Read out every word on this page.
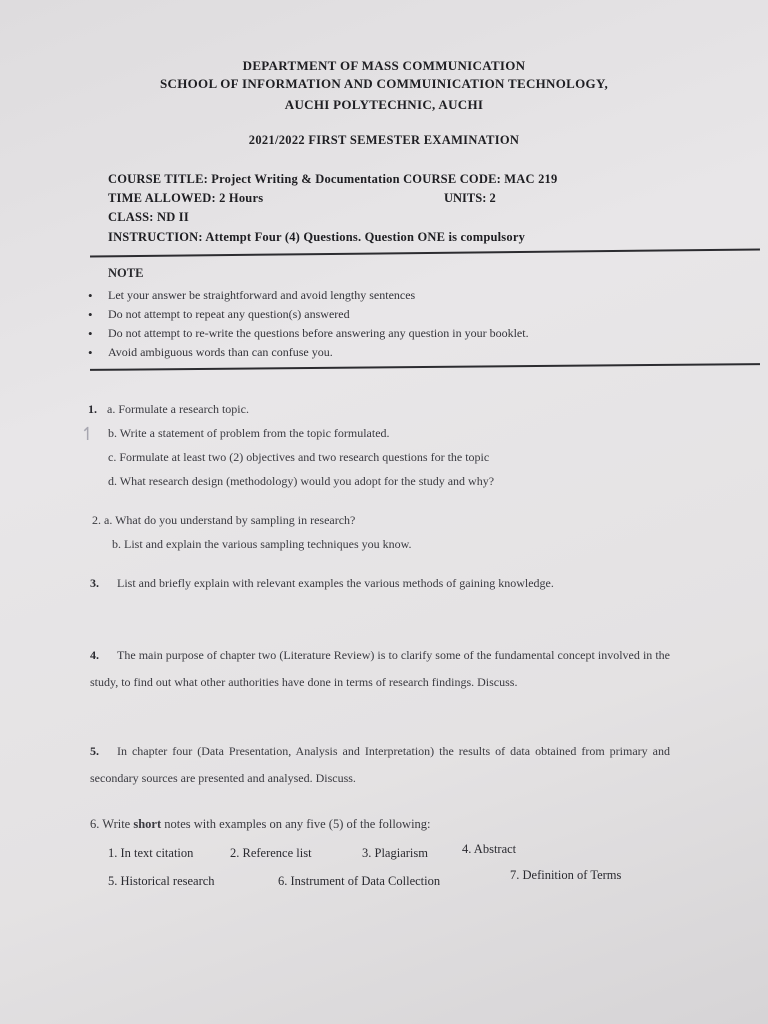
DEPARTMENT OF MASS COMMUNICATION
SCHOOL OF INFORMATION AND COMMUINICATION TECHNOLOGY,
AUCHI POLYTECHNIC, AUCHI
2021/2022 FIRST SEMESTER EXAMINATION
COURSE TITLE: Project Writing & Documentation COURSE CODE: MAC 219
TIME ALLOWED: 2 Hours	UNITS: 2
CLASS: ND II
INSTRUCTION: Attempt Four (4) Questions. Question ONE is compulsory
NOTE
• Let your answer be straightforward and avoid lengthy sentences
• Do not attempt to repeat any question(s) answered
• Do not attempt to re-write the questions before answering any question in your booklet.
• Avoid ambiguous words than can confuse you.
1. a. Formulate a research topic.
↿ b. Write a statement of problem from the topic formulated.
c. Formulate at least two (2) objectives and two research questions for the topic
d. What research design (methodology) would you adopt for the study and why?
2. a. What do you understand by sampling in research?
b. List and explain the various sampling techniques you know.
3. List and briefly explain with relevant examples the various methods of gaining knowledge.
4. The main purpose of chapter two (Literature Review) is to clarify some of the fundamental concept involved in the study, to find out what other authorities have done in terms of research findings. Discuss.
5. In chapter four (Data Presentation, Analysis and Interpretation) the results of data obtained from primary and secondary sources are presented and analysed. Discuss.
6. Write short notes with examples on any five (5) of the following:
1. In text citation	2. Reference list	3. Plagiarism	4. Abstract
5. Historical research	6. Instrument of Data Collection	7. Definition of Terms
